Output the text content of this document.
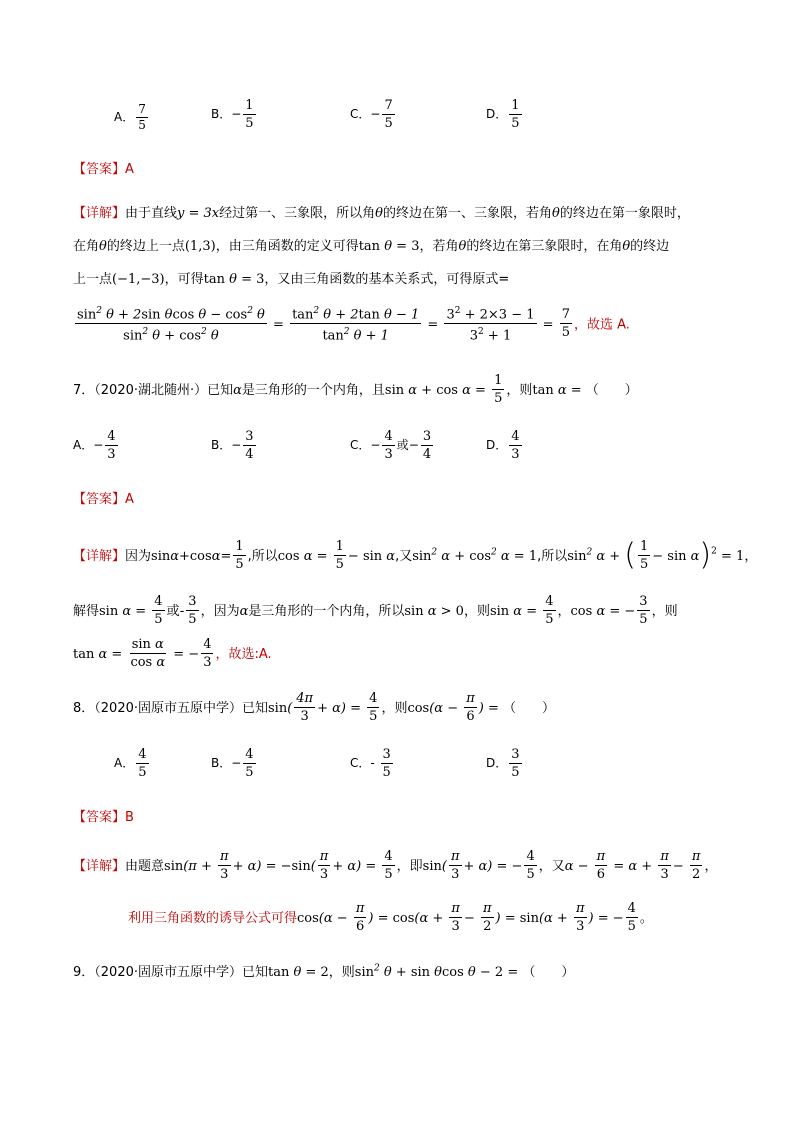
A． $\frac{7}{5}$	B．− $\frac{1}{5}$	C．− $\frac{7}{5}$	D． $\frac{1}{5}$
【答案】A
【详解】由于直线y = 3x经过第一、三象限，所以角θ的终边在第一、三象限，若角θ的终边在第一象限时，
在角θ的终边上一点(1,3)，由三角函数的定义可得tan θ = 3，若角θ的终边在第三象限时，在角θ的终边
上一点(−1,−3)，可得tan θ = 3，又由三角函数的基本关系式，可得原式=
$\frac{\sin^2 \theta + 2\sin \theta\cos \theta - \cos^2 \theta}{\sin^2 \theta + \cos^2 \theta} = \frac{\tan^2 \theta + 2\tan \theta - 1}{\tan^2 \theta + 1} = \frac{3^2 + 2\times 3 - 1}{3^2 + 1} = \frac{7}{5}$ ，故选 A.
7．（2020·湖北随州·）已知α是三角形的一个内角，且$\sin \alpha + \cos \alpha = \frac{1}{5}$ ，则tan α = （　　）
A．− $\frac{4}{3}$	B．− $\frac{3}{4}$	C．− $\frac{4}{3}$ 或− $\frac{3}{4}$	D． $\frac{4}{3}$
【答案】A
【详解】因为$\sin\alpha+\cos\alpha= \frac{1}{5}$ ,所以$\cos \alpha = \frac{1}{5} - \sin \alpha$,又$\sin^2 \alpha + \cos^2 \alpha = 1$,所以$\sin^2 \alpha$ + ( $\frac{1}{5} - \sin \alpha)^2 = 1$，
解得$\sin \alpha = \frac{4}{5}$ 或- $\frac{3}{5}$ ，因为α是三角形的一个内角，所以sin α > 0，则$\sin \alpha = \frac{4}{5}$ ，cos α = − $\frac{3}{5}$ ，则
$\tan \alpha = \frac{\text{sin α}}{\text{cos α}}$ = − $\frac{4}{3}$ ，故选:A.
8．（2020·固原市五原中学）已知$\sin( \frac{4\pi}{3} + \alpha) = \frac{4}{5}$ ，则$\cos(\alpha - \frac{\pi}{6}$ ) = （　　）
A． $\frac{4}{5}$	B．− $\frac{4}{5}$	C．- $\frac{3}{5}$	D． $\frac{3}{5}$
【答案】B
【详解】由题意$\sin(\pi + \frac{\pi}{3} + \alpha) = -\sin( \frac{\pi}{3} + \alpha) = \frac{4}{5}$ ，即$\sin( \frac{\pi}{3} + \alpha)$ = − $\frac{4}{5}$ ，又$\alpha - \frac{\pi}{6} = \alpha + \frac{\pi}{3} - \frac{\pi}{2}$ ，
利用三角函数的诱导公式可得$\cos(\alpha - \frac{\pi}{6}$ ) = $\cos(\alpha + \frac{\pi}{3} - \frac{\pi}{2}$ ) = $\sin(\alpha + \frac{\pi}{3}$ ) = − $\frac{4}{5}$ 。
9．（2020·固原市五原中学）已知tan θ = 2，则$\sin^2 \theta + \sin \theta\cos$ θ − 2 = （　　）
